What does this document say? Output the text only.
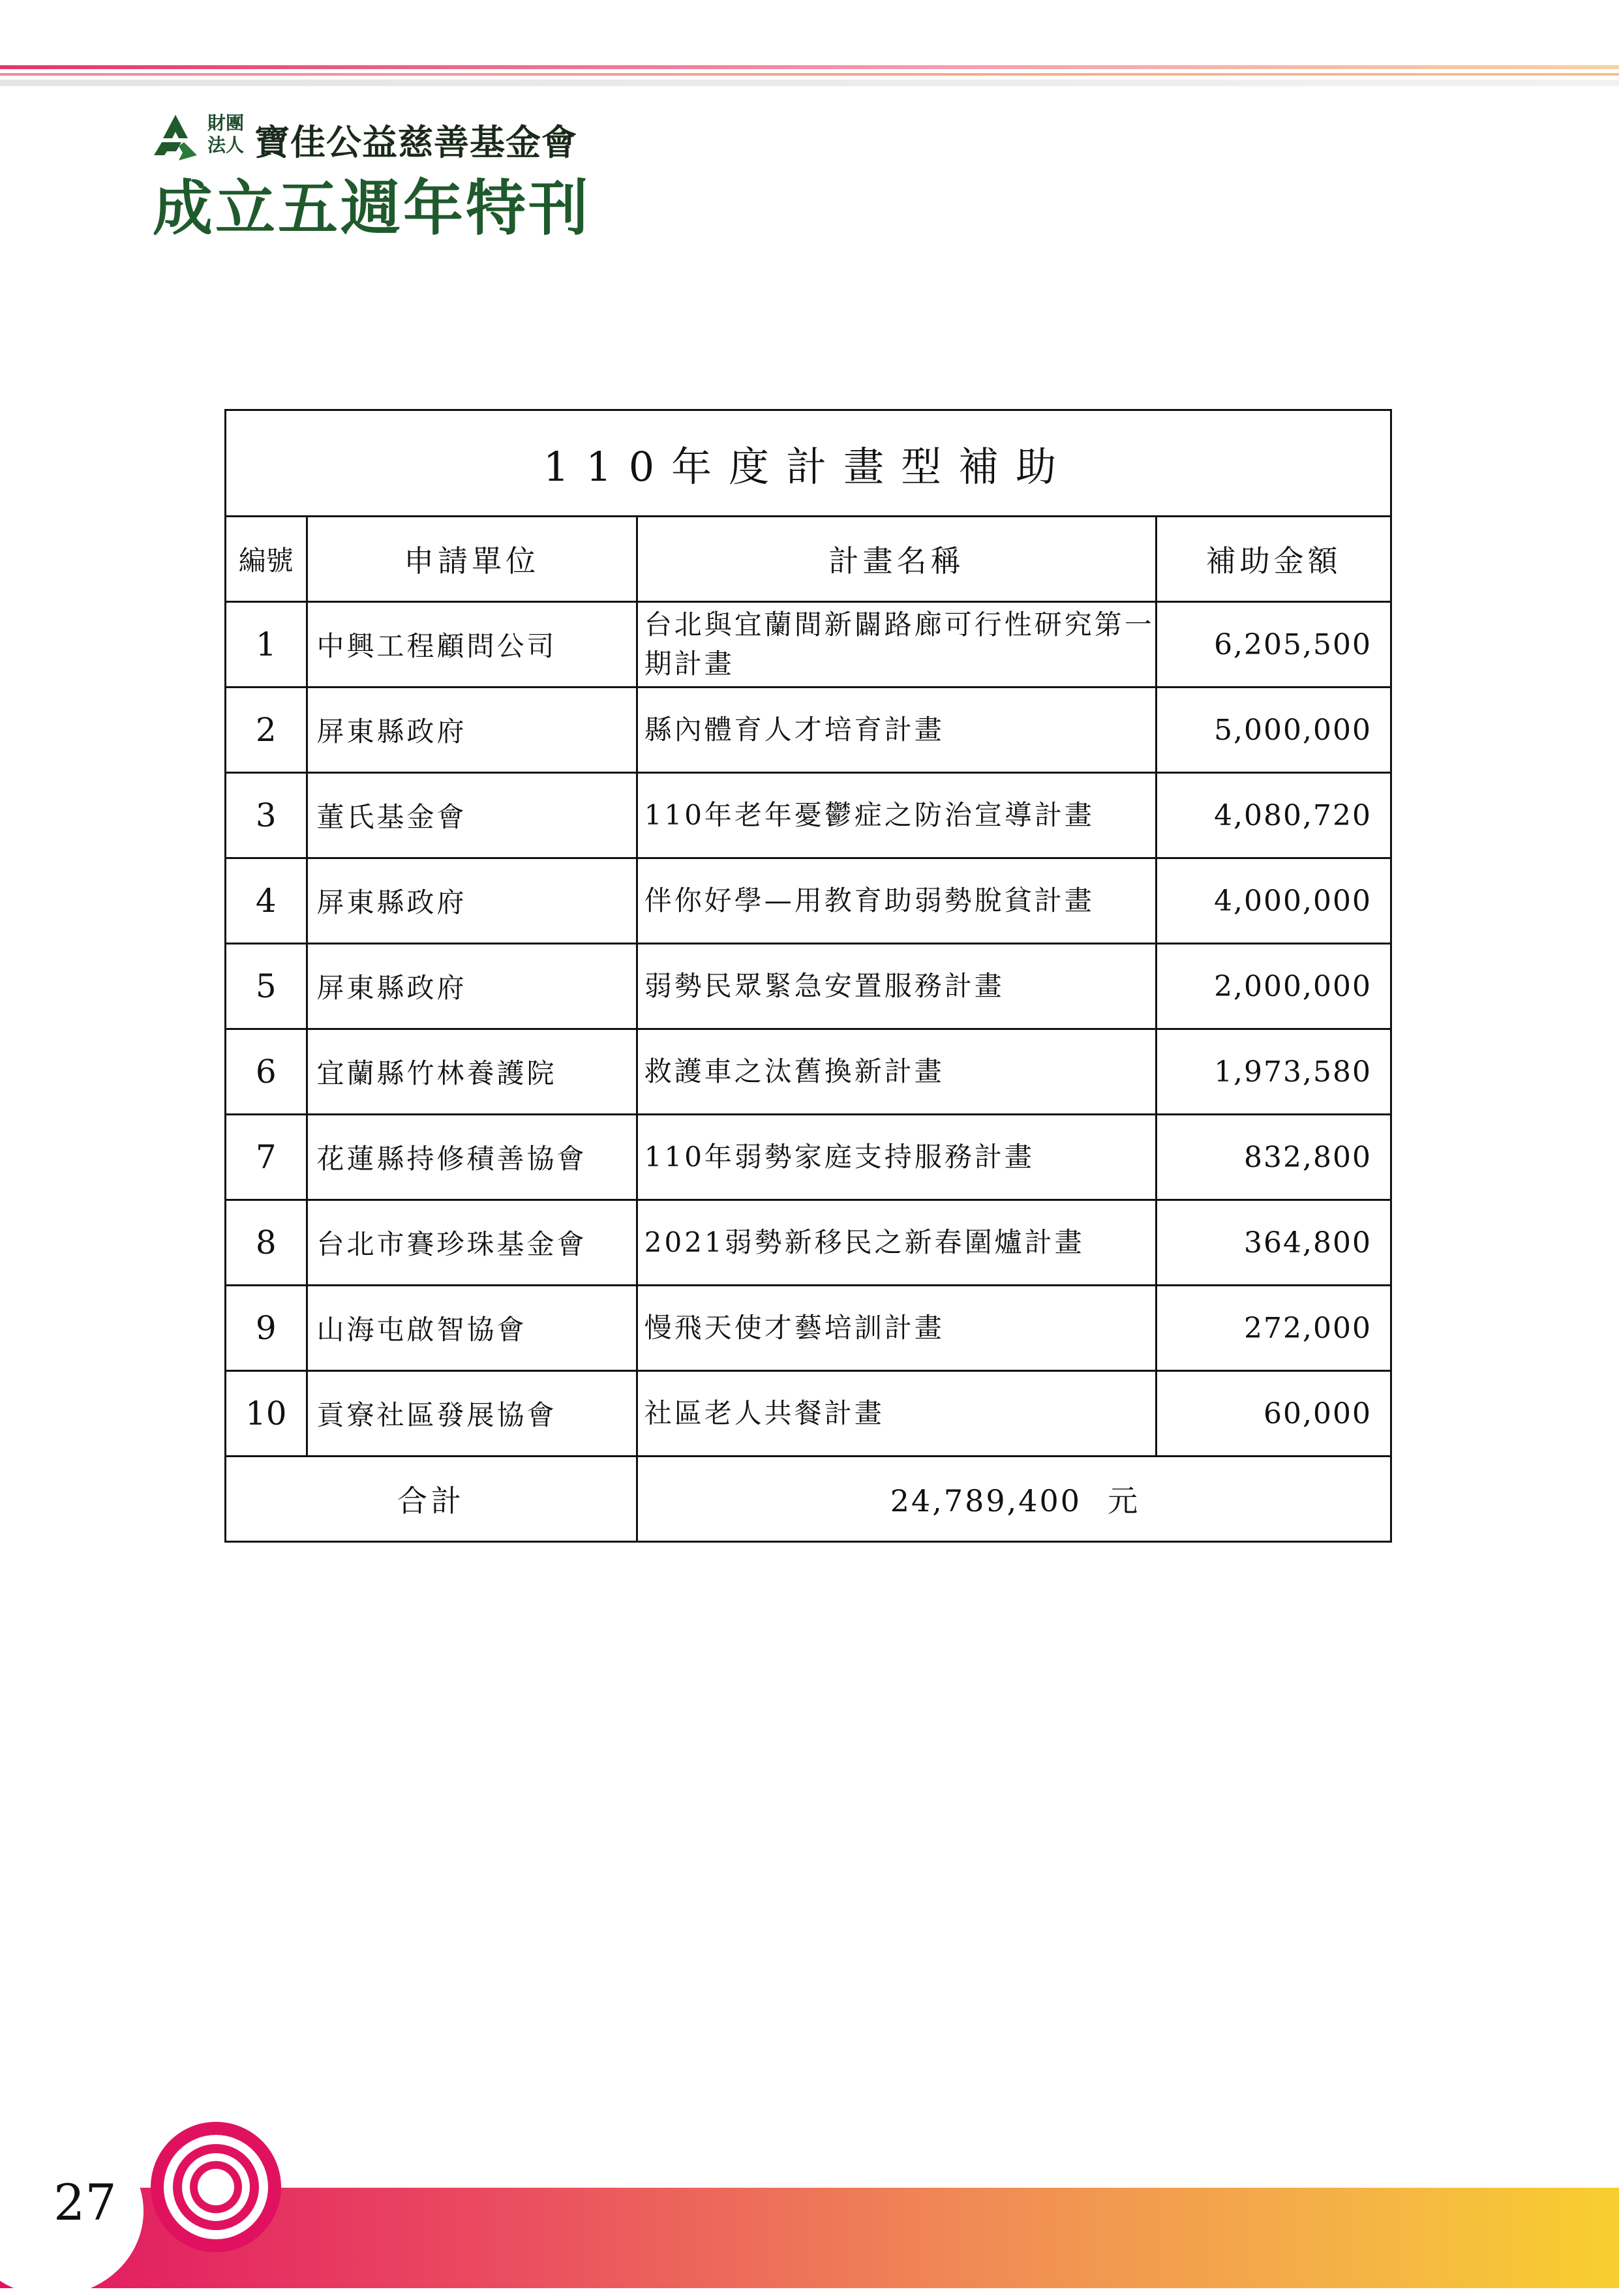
財團
法人 寶佳公益慈善基金會
成立五週年特刊
110年度計畫型補助			
編號	申請單位	計畫名稱	補助金額
1	中興工程顧問公司	台北與宜蘭間新闢路廊可行性研究第一期計畫	6,205,500
2	屏東縣政府	縣內體育人才培育計畫	5,000,000
3	董氏基金會	110年老年憂鬱症之防治宣導計畫	4,080,720
4	屏東縣政府	伴你好學—用教育助弱勢脫貧計畫	4,000,000
5	屏東縣政府	弱勢民眾緊急安置服務計畫	2,000,000
6	宜蘭縣竹林養護院	救護車之汰舊換新計畫	1,973,580
7	花蓮縣持修積善協會	110年弱勢家庭支持服務計畫	832,800
8	台北市賽珍珠基金會	2021弱勢新移民之新春圍爐計畫	364,800
9	山海屯啟智協會	慢飛天使才藝培訓計畫	272,000
10	貢寮社區發展協會	社區老人共餐計畫	60,000
合計		24,789,400 元	
27
